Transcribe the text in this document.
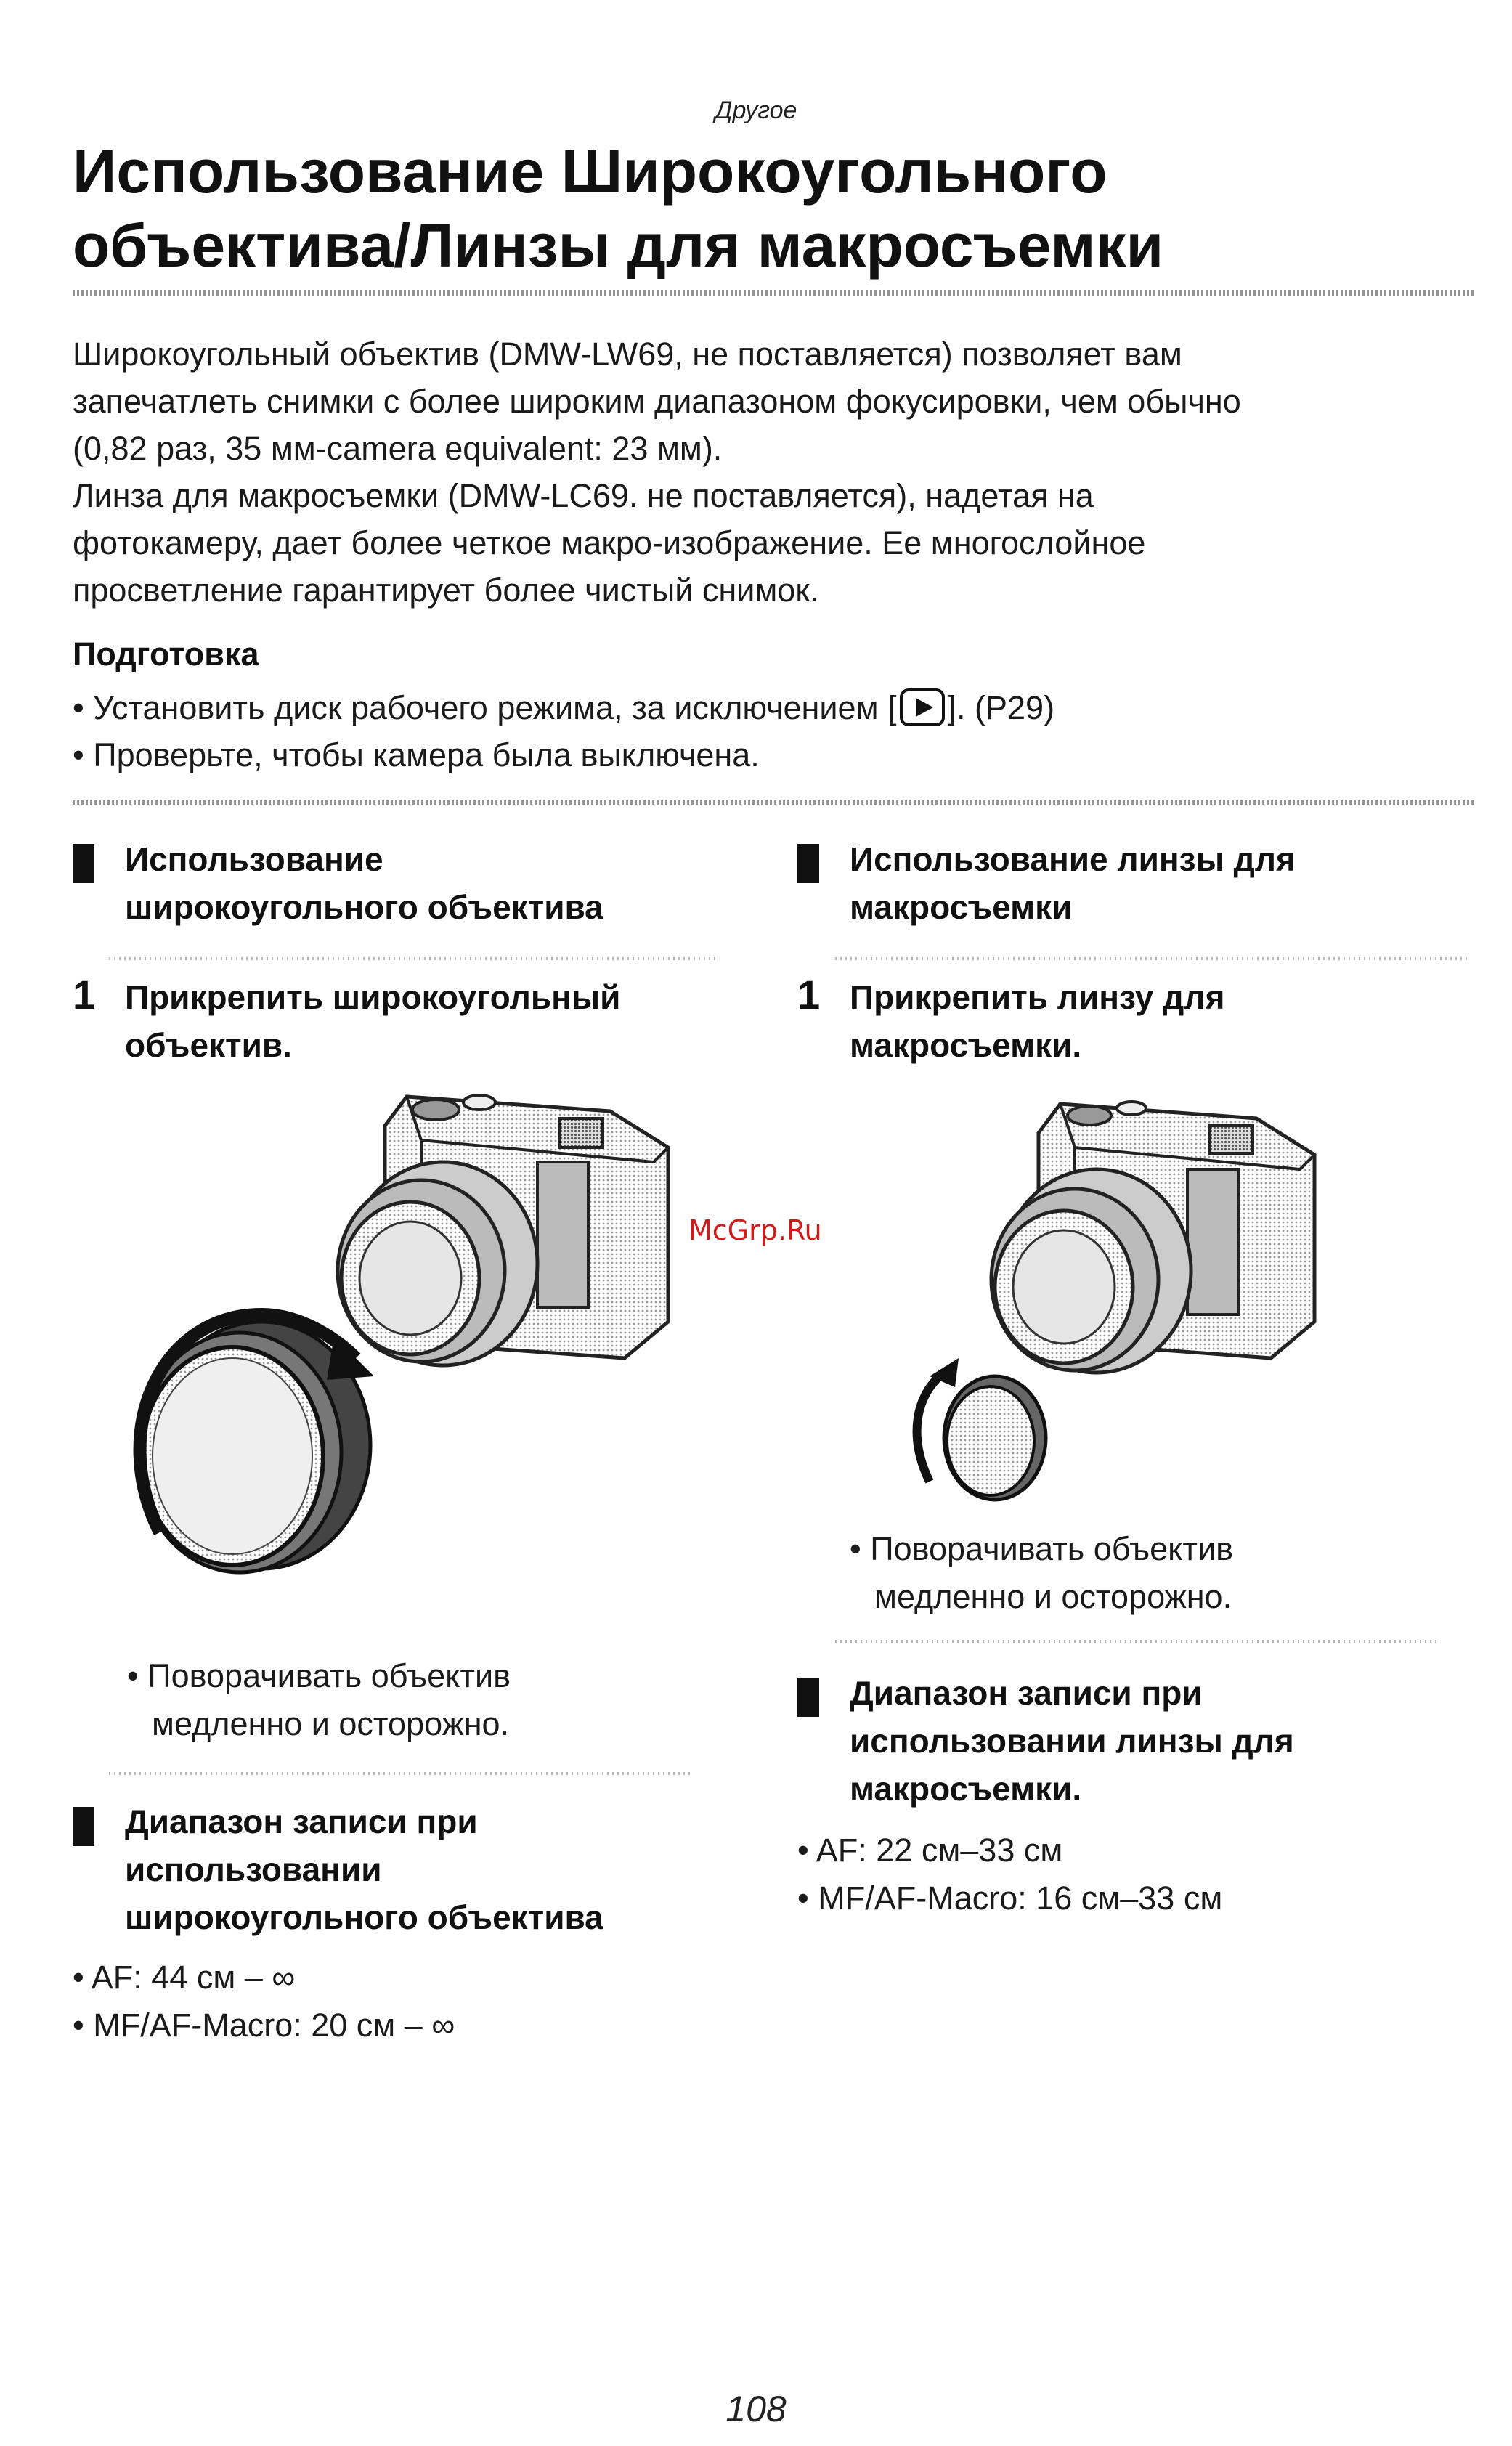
Другое
Использование Широкоугольного
объектива/Линзы для макросъемки
Широкоугольный объектив (DMW-LW69, не поставляется) позволяет вам
запечатлеть снимки с более широким диапазоном фокусировки, чем обычно
(0,82 раз, 35 мм-camera equivalent: 23 мм).
Линза для макросъемки (DMW-LC69. не поставляется), надетая на
фотокамеру, дает более четкое макро-изображение. Ее многослойное
просветление гарантирует более чистый снимок.
Подготовка
• Установить диск рабочего режима, за исключением [ ]. (P29)
• Проверьте, чтобы камера была выключена.
Использование
широкоугольного объектива
1 Прикрепить широкоугольный
объектив.
McGrp.Ru
• Поворачивать объектив
медленно и осторожно.
Диапазон записи при
использовании
широкоугольного объектива
• AF: 44 см – ∞
• MF/AF-Macro: 20 см – ∞
Использование линзы для
макросъемки
1 Прикрепить линзу для
макросъемки.
• Поворачивать объектив
медленно и осторожно.
Диапазон записи при
использовании линзы для
макросъемки.
• AF: 22 см–33 см
• MF/AF-Macro: 16 см–33 см
108
